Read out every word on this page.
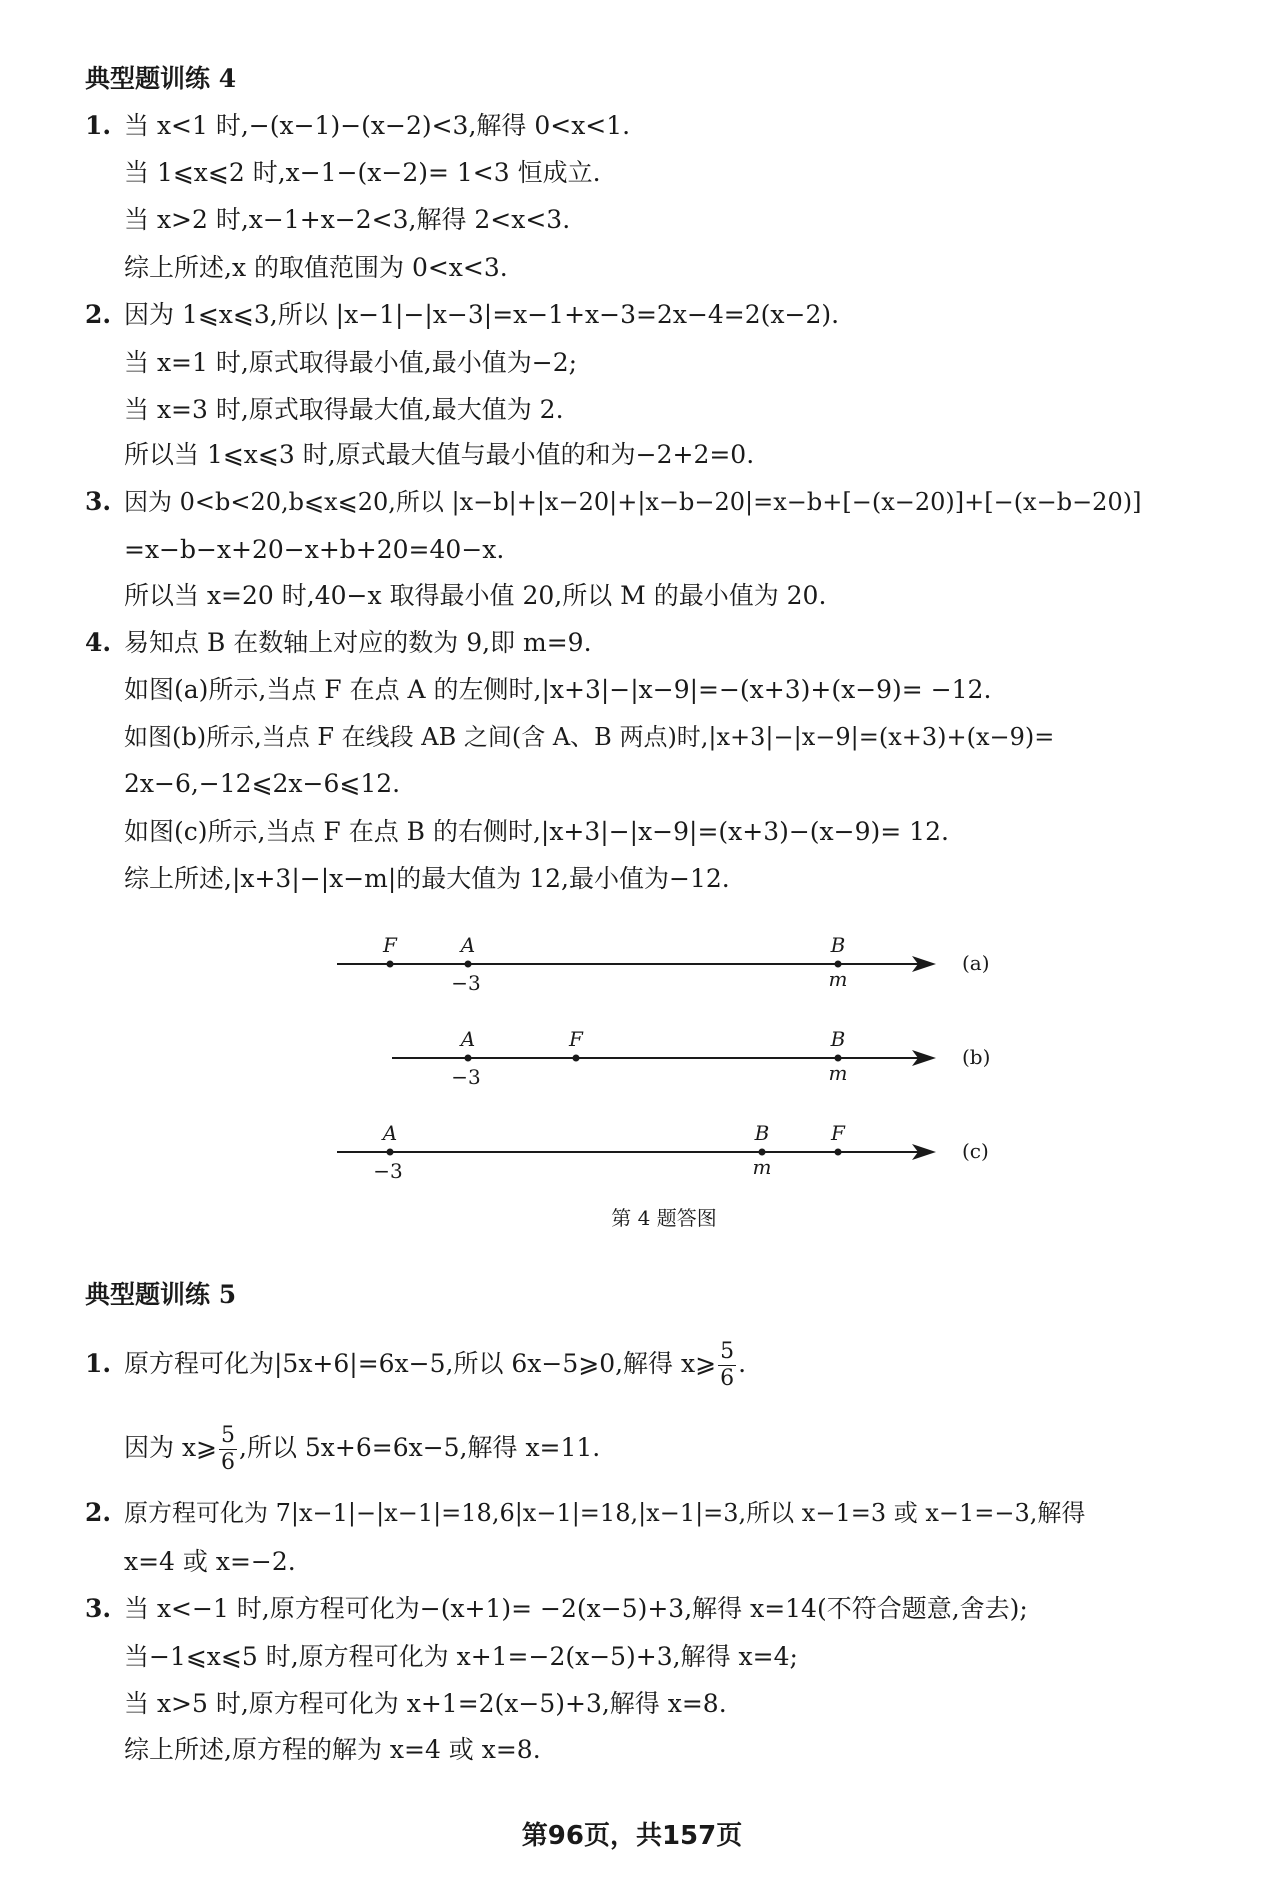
典型题训练 4
1. 当 x<1 时,−(x−1)−(x−2)<3,解得 0<x<1.
当 1⩽x⩽2 时,x−1−(x−2)= 1<3 恒成立.
当 x>2 时,x−1+x−2<3,解得 2<x<3.
综上所述,x 的取值范围为 0<x<3.
2. 因为 1⩽x⩽3,所以 |x−1|−|x−3|=x−1+x−3=2x−4=2(x−2).
当 x=1 时,原式取得最小值,最小值为−2;
当 x=3 时,原式取得最大值,最大值为 2.
所以当 1⩽x⩽3 时,原式最大值与最小值的和为−2+2=0.
3. 因为 0<b<20,b⩽x⩽20,所以 |x−b|+|x−20|+|x−b−20|=x−b+[−(x−20)]+[−(x−b−20)]
=x−b−x+20−x+b+20=40−x.
所以当 x=20 时,40−x 取得最小值 20,所以 M 的最小值为 20.
4. 易知点 B 在数轴上对应的数为 9,即 m=9.
如图(a)所示,当点 F 在点 A 的左侧时,|x+3|−|x−9|=−(x+3)+(x−9)= −12.
如图(b)所示,当点 F 在线段 AB 之间(含 A、B 两点)时,|x+3|−|x−9|=(x+3)+(x−9)=
2x−6,−12⩽2x−6⩽12.
如图(c)所示,当点 F 在点 B 的右侧时,|x+3|−|x−9|=(x+3)−(x−9)= 12.
综上所述,|x+3|−|x−m|的最大值为 12,最小值为−12.
F	A	B
−3	m
(a)
A	F	B
−3	m
(b)
A	B	F
−3	m
(c)
第 4 题答图
典型题训练 5
1. 原方程可化为|5x+6|=6x−5,所以 6x−5⩾0,解得 x⩾ $\frac{5}{6}$ .
因为 x⩾ $\frac{5}{6}$ ,所以 5x+6=6x−5,解得 x=11.
2. 原方程可化为 7|x−1|−|x−1|=18,6|x−1|=18,|x−1|=3,所以 x−1=3 或 x−1=−3,解得
x=4 或 x=−2.
3. 当 x<−1 时,原方程可化为−(x+1)= −2(x−5)+3,解得 x=14(不符合题意,舍去);
当−1⩽x⩽5 时,原方程可化为 x+1=−2(x−5)+3,解得 x=4;
当 x>5 时,原方程可化为 x+1=2(x−5)+3,解得 x=8.
综上所述,原方程的解为 x=4 或 x=8.
第96页，共157页
